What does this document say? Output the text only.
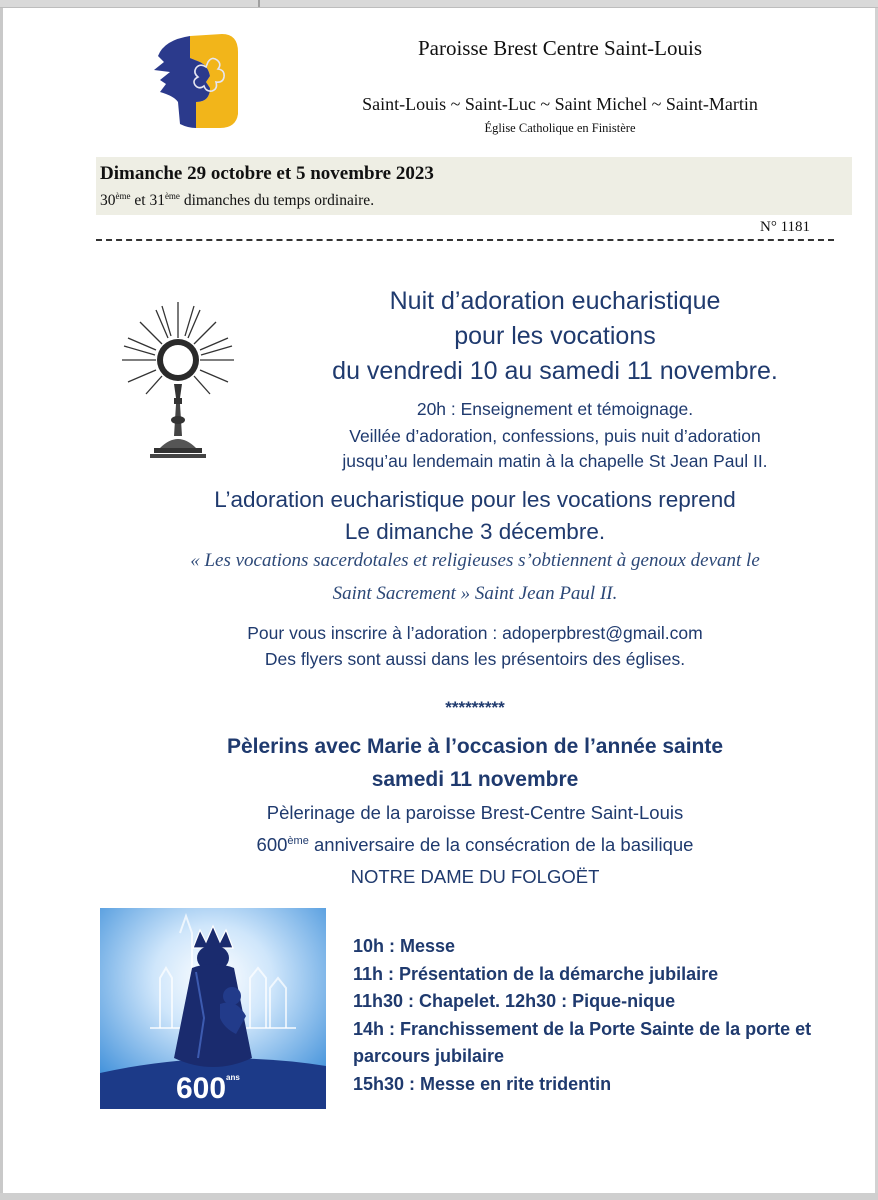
Paroisse Brest Centre Saint-Louis
Saint-Louis ~ Saint-Luc ~ Saint Michel ~ Saint-Martin
Église Catholique en Finistère
Dimanche 29 octobre et 5 novembre 2023
30ème et 31ème dimanches du temps ordinaire.
N° 1181
Nuit d’adoration eucharistique
pour les vocations
du vendredi 10 au samedi 11 novembre.
20h : Enseignement et témoignage.
Veillée d’adoration, confessions, puis nuit d’adoration
jusqu’au lendemain matin à la chapelle St Jean Paul II.
L’adoration eucharistique pour les vocations reprend
Le dimanche 3 décembre.
« Les vocations sacerdotales et religieuses s’obtiennent à genoux devant le
Saint Sacrement » Saint Jean Paul II.
Pour vous inscrire à l’adoration : adoperpbrest@gmail.com
Des flyers sont aussi dans les présentoirs des églises.
*********
Pèlerins avec Marie à l’occasion de l’année sainte
samedi 11 novembre
Pèlerinage de la paroisse Brest-Centre Saint-Louis
600ème anniversaire de la consécration de la basilique
NOTRE DAME DU FOLGOËT
600 ans
10h : Messe
11h : Présentation de la démarche jubilaire
11h30 : Chapelet. 12h30 : Pique-nique
14h : Franchissement de la Porte Sainte de la porte et
parcours jubilaire
15h30 : Messe en rite tridentin
